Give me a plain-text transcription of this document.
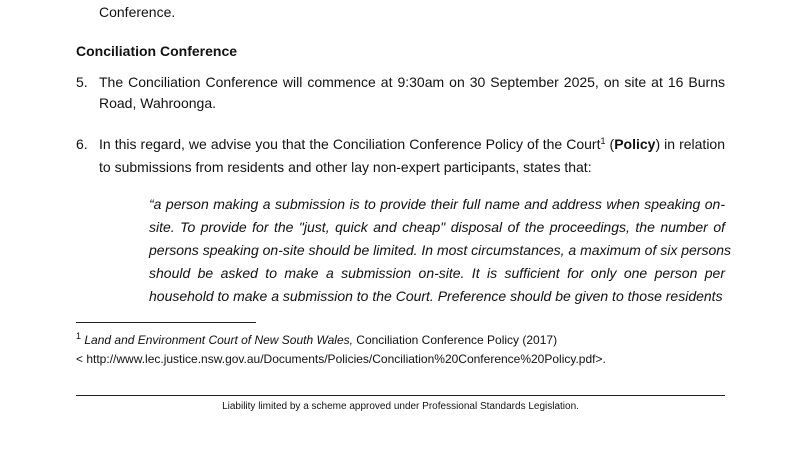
Conference.
Conciliation Conference
5. The Conciliation Conference will commence at 9:30am on 30 September 2025, on site at 16 Burns Road, Wahroonga.
6. In this regard, we advise you that the Conciliation Conference Policy of the Court$^1$ (Policy) in relation to submissions from residents and other lay non-expert participants, states that:
“a person making a submission is to provide their full name and address when speaking on-
site. To provide for the "just, quick and cheap" disposal of the proceedings, the number of
persons speaking on-site should be limited. In most circumstances, a maximum of six persons
should be asked to make a submission on-site. It is sufficient for only one person per
household to make a submission to the Court. Preference should be given to those residents
$^1$ Land and Environment Court of New South Wales, Conciliation Conference Policy (2017)
< http://www.lec.justice.nsw.gov.au/Documents/Policies/Conciliation%20Conference%20Policy.pdf>.
Liability limited by a scheme approved under Professional Standards Legislation.
